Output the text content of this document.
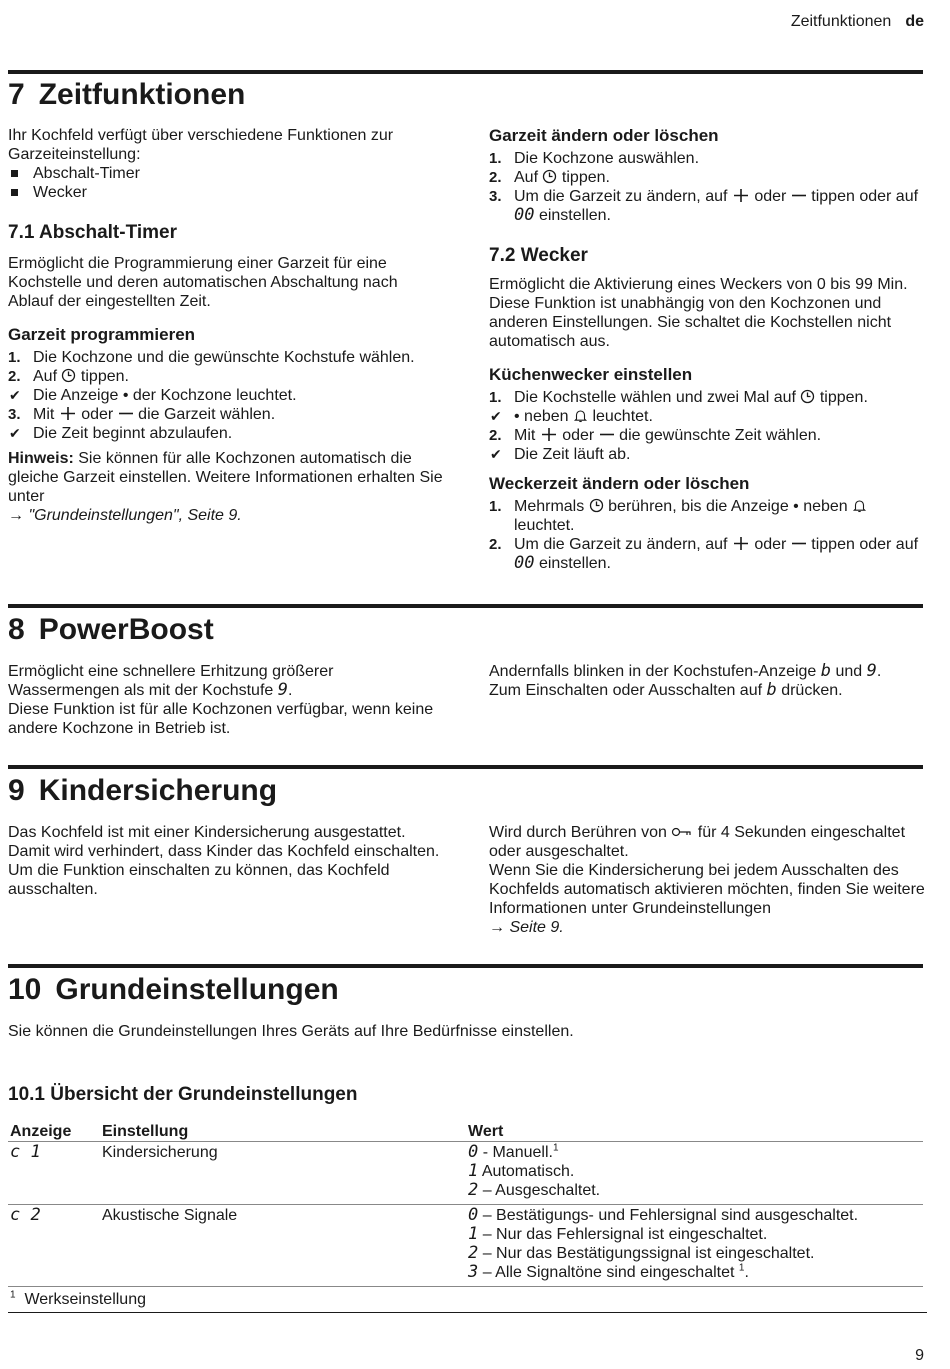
Zeitfunktionen de
7 Zeitfunktionen

Ihr Kochfeld verfügt über verschiedene Funktionen zur Garzeiteinstellung:

Abschalt-Timer
Wecker

7.1 Abschalt-Timer

Ermöglicht die Programmierung einer Garzeit für eine Kochstelle und deren automatischen Abschaltung nach Ablauf der eingestellten Zeit.

Garzeit programmieren

1. Die Kochzone und die gewünschte Kochstufe wählen.
2. Auf tippen.
✔ Die Anzeige • der Kochzone leuchtet.
3. Mit oder die Garzeit wählen.
✔ Die Zeit beginnt abzulaufen.

Hinweis: Sie können für alle Kochzonen automatisch die gleiche Garzeit einstellen. Weitere Informationen erhalten Sie unter
→ "Grundeinstellungen", Seite 9.

Garzeit ändern oder löschen

1. Die Kochzone auswählen.
2. Auf tippen.
3. Um die Garzeit zu ändern, auf oder tippen oder auf 00 einstellen.

7.2 Wecker

Ermöglicht die Aktivierung eines Weckers von 0 bis 99 Min. Diese Funktion ist unabhängig von den Kochzonen und anderen Einstellungen. Sie schaltet die Kochstellen nicht automatisch aus.

Küchenwecker einstellen

1. Die Kochstelle wählen und zwei Mal auf tippen.
✔ • neben leuchtet.
2. Mit oder die gewünschte Zeit wählen.
✔ Die Zeit läuft ab.

Weckerzeit ändern oder löschen

1. Mehrmals berühren, bis die Anzeige • neben  leuchtet.
2. Um die Garzeit zu ändern, auf oder tippen oder auf 00 einstellen.
8 PowerBoost

Ermöglicht eine schnellere Erhitzung größerer Wassermengen als mit der Kochstufe 9.

Diese Funktion ist für alle Kochzonen verfügbar, wenn keine andere Kochzone in Betrieb ist.

Andernfalls blinken in der Kochstufen-Anzeige b und 9.

Zum Einschalten oder Ausschalten auf b drücken.

9 Kindersicherung

Das Kochfeld ist mit einer Kindersicherung ausgestattet. Damit wird verhindert, dass Kinder das Kochfeld einschalten.

Um die Funktion einschalten zu können, das Kochfeld ausschalten.

Wird durch Berühren von für 4 Sekunden eingeschaltet oder ausgeschaltet.

Wenn Sie die Kindersicherung bei jedem Ausschalten des Kochfelds automatisch aktivieren möchten, finden Sie weitere Informationen unter Grundeinstellungen
→ Seite 9.

10 Grundeinstellungen

Sie können die Grundeinstellungen Ihres Geräts auf Ihre Bedürfnisse einstellen.

10.1 Übersicht der Grundeinstellungen

Anzeige	Einstellung	Wert
c 1	Kindersicherung	0 - Manuell.$^1$
1 Automatisch.
2 – Ausgeschaltet.

c 2	Akustische Signale	0 – Bestätigungs- und Fehlersignal sind ausgeschaltet.
1 – Nur das Fehlersignal ist eingeschaltet.
2 – Nur das Bestätigungssignal ist eingeschaltet.
3 – Alle Signaltöne sind eingeschaltet $^1$.
$^1$ Werkseinstellung
9
